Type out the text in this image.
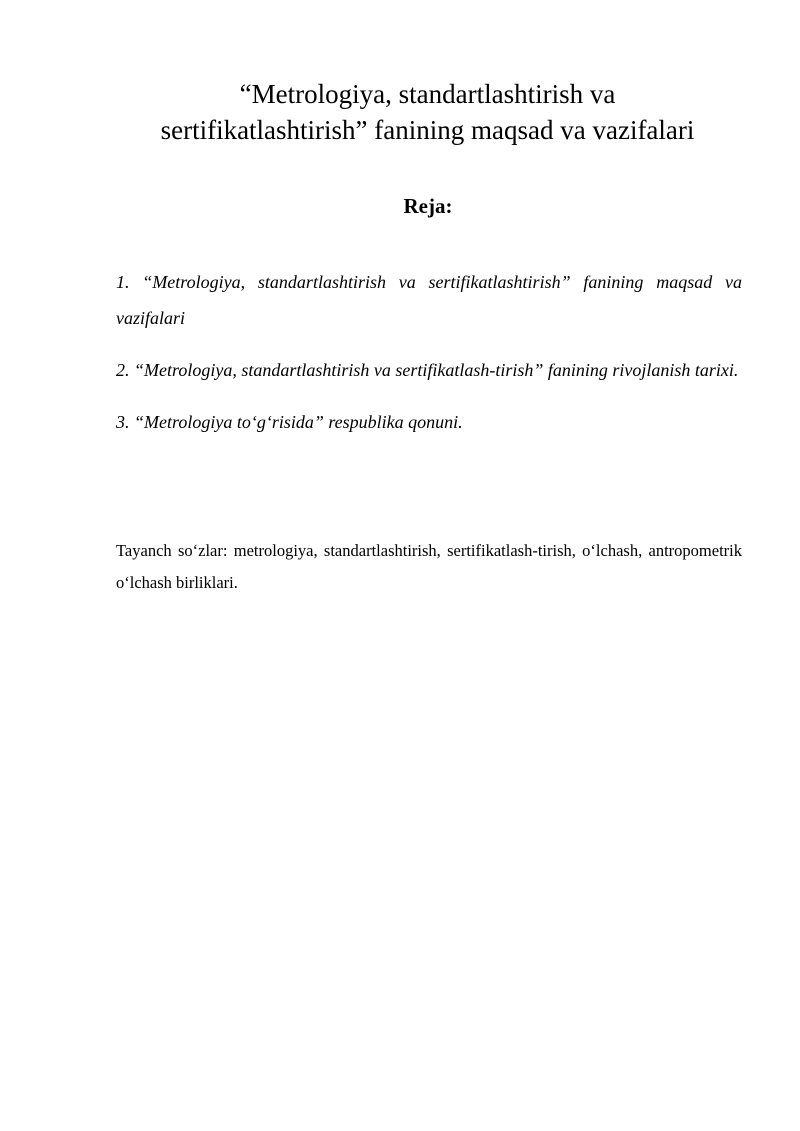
“Metrologiya, standartlashtirish va
sertifikatlashtirish” fanining maqsad va vazifalari
Reja:
1. “Metrologiya, standartlashtirish va sertifikatlashtirish” fanining maqsad va vazifalari
2. “Metrologiya, standartlashtirish va sertifikatlash-tirish” fanining rivojlanish tarixi.
3. “Metrologiya to‘g‘risida” respublika qonuni.

Tayanch so‘zlar: metrologiya, standartlashtirish, sertifikatlash-tirish, o‘lchash, antropometrik o‘lchash birliklari.
